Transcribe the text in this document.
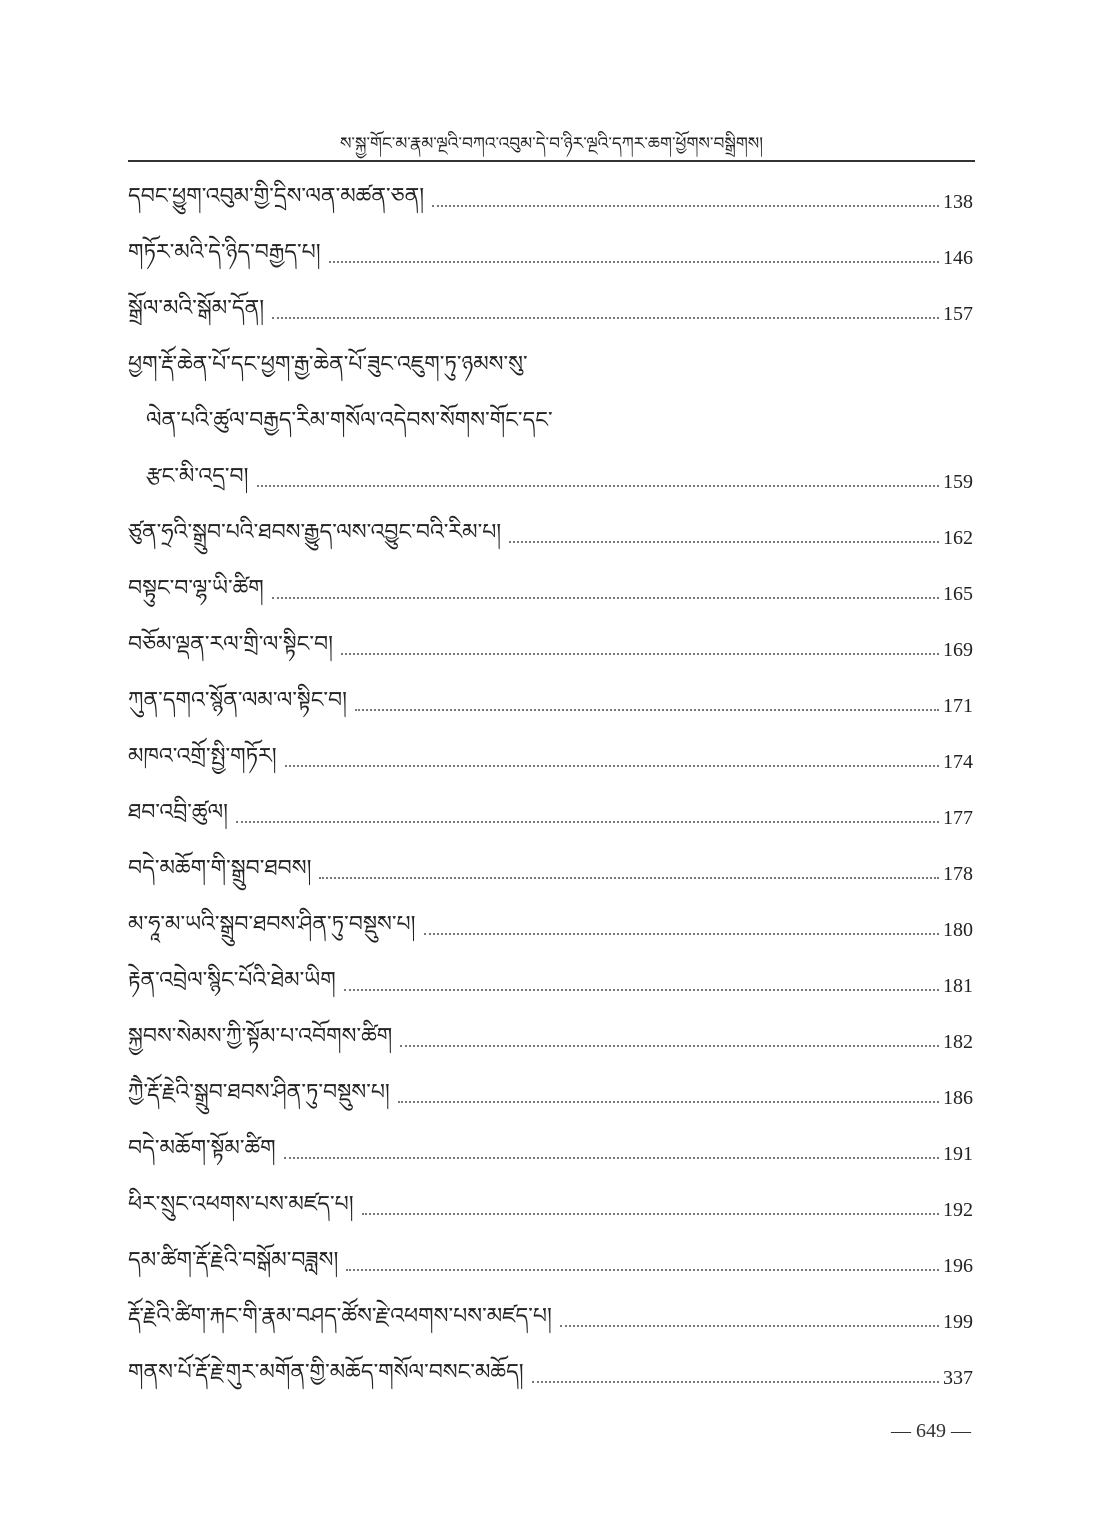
ས་སྐྱ་གོང་མ་རྣམ་ལྔའི་བཀའ་འབུམ་དེ་བ་ཉིར་ལྔའི་དཀར་ཆག་ཕྱོགས་བསྒྲིགས།
དབང་ཕྱུག་འབུམ་གྱི་དྲིས་ལན་མཚན་ཅན།	138
གཏོར་མའི་དེ་ཉིད་བརྒྱད་པ།	146
སྒྲོལ་མའི་སྒོམ་དོན།	157
ཕྱག་རྡོ་ཆེན་པོ་དང་ཕྱག་རྒྱ་ཆེན་པོ་ཟུང་འཇུག་ཏུ་ཉམས་སུ་
ལེན་པའི་ཚུལ་བརྒྱད་རིམ་གསོལ་འདེབས་སོགས་གོང་དང་
རྩང་མི་འདྲ་བ།	159
ཙུན་ཧྲའི་སྒྲུབ་པའི་ཐབས་རྒྱུད་ལས་འབྱུང་བའི་རིམ་པ།	162
བསྟུང་བ་ལྷ་ཡི་ཚིག	165
བཅོམ་ལྡན་རལ་གྲི་ལ་སྟིང་བ།	169
ཀུན་དགའ་སྙོན་ལམ་ལ་སྟིང་བ།	171
མཁའ་འགྲོ་སྤྱི་གཏོར།	174
ཐབ་འབྲི་ཚུལ།	177
བདེ་མཆོག་གི་སྒྲུབ་ཐབས།	178
མ་ཧཱ་མ་ཡའི་སྒྲུབ་ཐབས་ཤིན་ཏུ་བསྡུས་པ།	180
རྟེན་འབྲེལ་སྙིང་པོའི་ཐེམ་ཡིག	181
སྐྱབས་སེམས་ཀྱི་སྟོམ་པ་འབོགས་ཚིག	182
ཀྱཻ་རྡོ་རྗེའི་སྒྲུབ་ཐབས་ཤིན་ཏུ་བསྡུས་པ།	186
བདེ་མཆོག་སྟོམ་ཚིག	191
ཕིར་སྲུང་འཕགས་པས་མཛད་པ།	192
དམ་ཚིག་རྡོ་རྗེའི་བསྒོམ་བཟླས།	196
རྡོ་རྗེའི་ཚིག་རྐང་གི་རྣམ་བཤད་ཚོས་རྗེ་འཕགས་པས་མཛད་པ།	199
གནས་པོ་རྡོ་རྗེ་གུར་མགོན་གྱི་མཆོད་གསོལ་བསང་མཆོད།	337
— 649 —
